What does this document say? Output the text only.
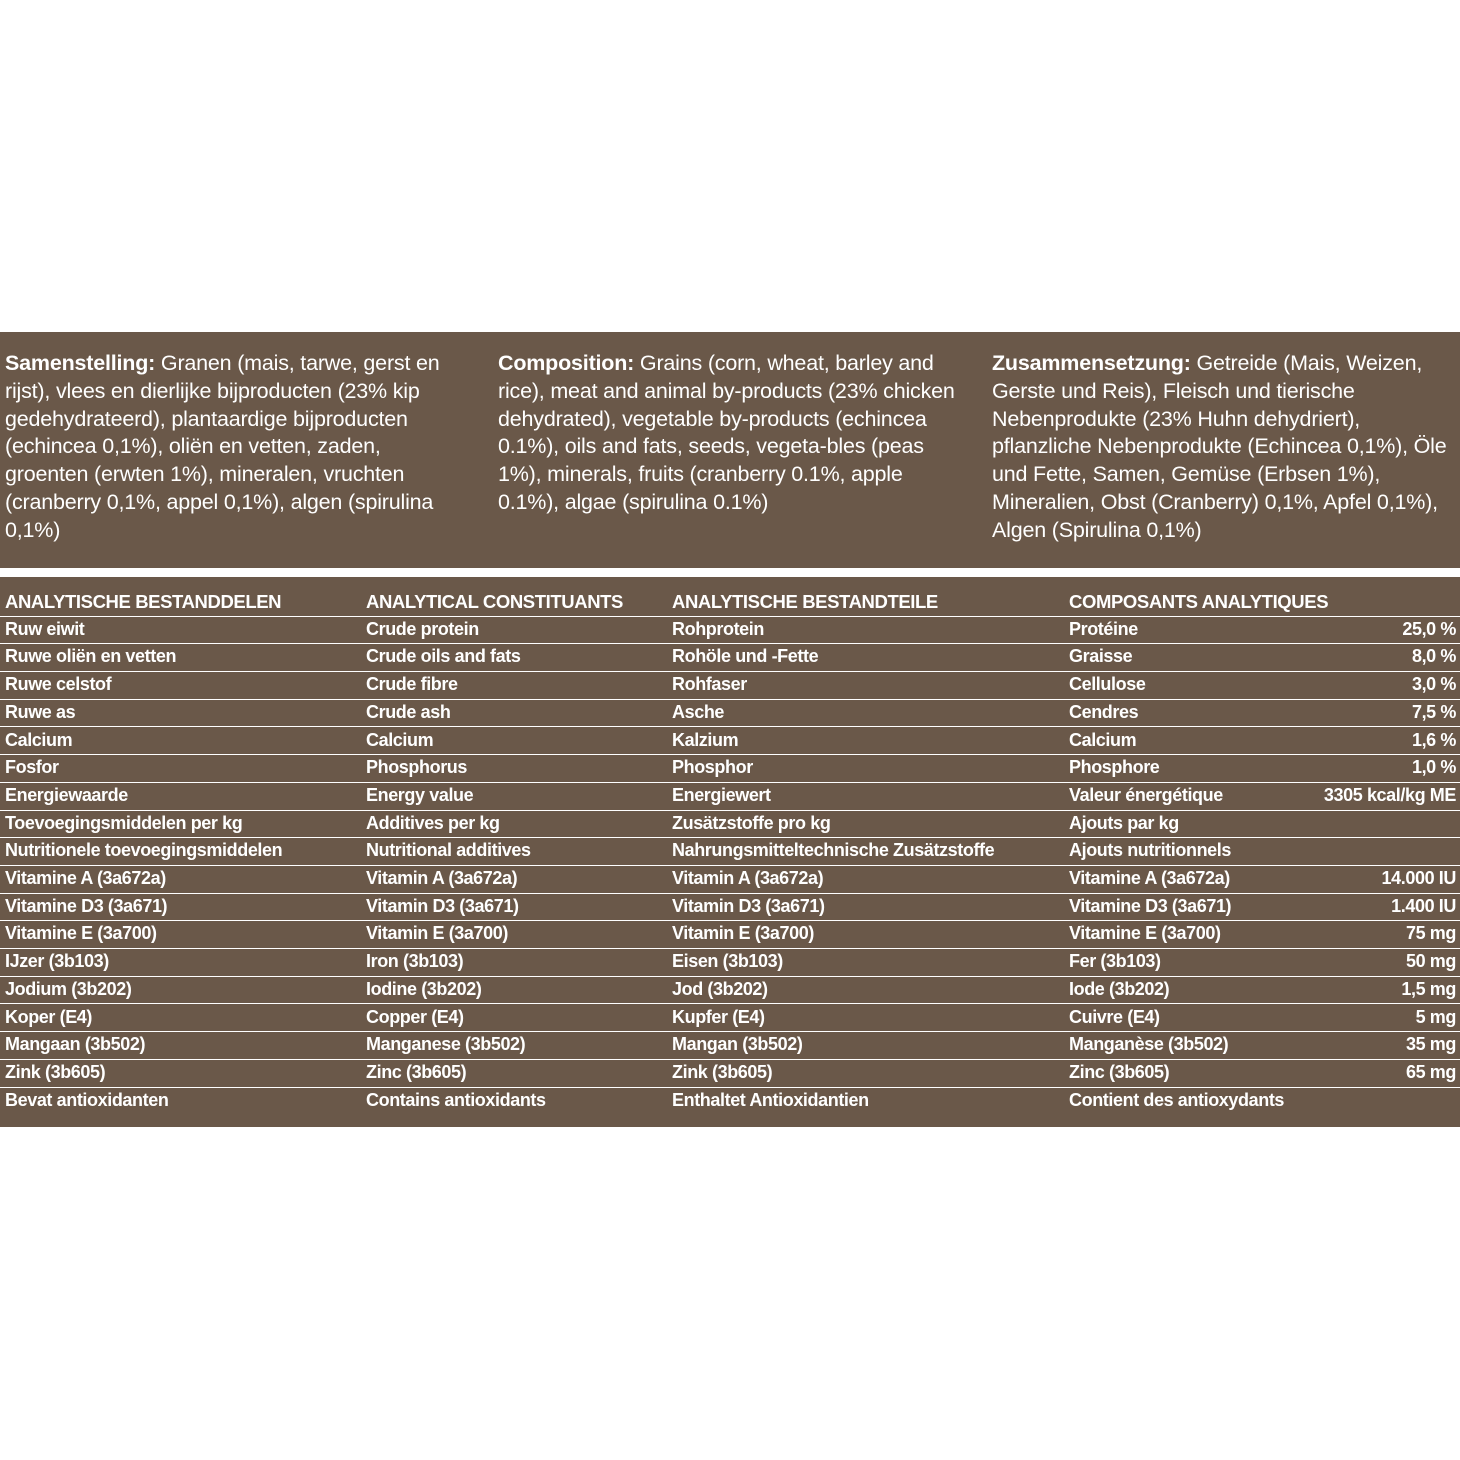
Samenstelling: Granen (mais, tarwe, gerst en rijst), vlees en dierlijke bijproducten (23% kip gedehydrateerd), plantaardige bijproducten (echincea 0,1%), oliën en vetten, zaden, groenten (erwten 1%), mineralen, vruchten (cranberry 0,1%, appel 0,1%), algen (spirulina 0,1%)
Composition: Grains (corn, wheat, barley and rice), meat and animal by-products (23% chicken dehydrated), vegetable by-products (echincea 0.1%), oils and fats, seeds, vegeta-bles (peas 1%), minerals, fruits (cranberry 0.1%, apple 0.1%), algae (spirulina 0.1%)
Zusammensetzung: Getreide (Mais, Weizen, Gerste und Reis), Fleisch und tierische Nebenprodukte (23% Huhn dehydriert), pflanzliche Nebenprodukte (Echincea 0,1%), Öle und Fette, Samen, Gemüse (Erbsen 1%), Mineralien, Obst (Cranberry) 0,1%, Apfel 0,1%), Algen (Spirulina 0,1%)
ANALYTISCHE BESTANDDELEN	ANALYTICAL CONSTITUANTS	ANALYTISCHE BESTANDTEILE	COMPOSANTS ANALYTIQUES
Ruw eiwit	Crude protein	Rohprotein	Protéine	25,0 %
Ruwe oliën en vetten	Crude oils and fats	Rohöle und -Fette	Graisse	8,0 %
Ruwe celstof	Crude fibre	Rohfaser	Cellulose	3,0 %
Ruwe as	Crude ash	Asche	Cendres	7,5 %
Calcium	Calcium	Kalzium	Calcium	1,6 %
Fosfor	Phosphorus	Phosphor	Phosphore	1,0 %
Energiewaarde	Energy value	Energiewert	Valeur énergétique	3305 kcal/kg ME
Toevoegingsmiddelen per kg	Additives per kg	Zusätzstoffe pro kg	Ajouts par kg
Nutritionele toevoegingsmiddelen	Nutritional additives	Nahrungsmitteltechnische Zusätzstoffe	Ajouts nutritionnels
Vitamine A (3a672a)	Vitamin A (3a672a)	Vitamin A (3a672a)	Vitamine A (3a672a)	14.000 IU
Vitamine D3 (3a671)	Vitamin D3 (3a671)	Vitamin D3 (3a671)	Vitamine D3 (3a671)	1.400 IU
Vitamine E (3a700)	Vitamin E (3a700)	Vitamin E (3a700)	Vitamine E (3a700)	75 mg
IJzer (3b103)	Iron (3b103)	Eisen (3b103)	Fer (3b103)	50 mg
Jodium (3b202)	Iodine (3b202)	Jod (3b202)	Iode (3b202)	1,5 mg
Koper (E4)	Copper (E4)	Kupfer (E4)	Cuivre (E4)	5 mg
Mangaan (3b502)	Manganese (3b502)	Mangan (3b502)	Manganèse (3b502)	35 mg
Zink (3b605)	Zinc (3b605)	Zink (3b605)	Zinc (3b605)	65 mg
Bevat antioxidanten	Contains antioxidants	Enthaltet Antioxidantien	Contient des antioxydants
